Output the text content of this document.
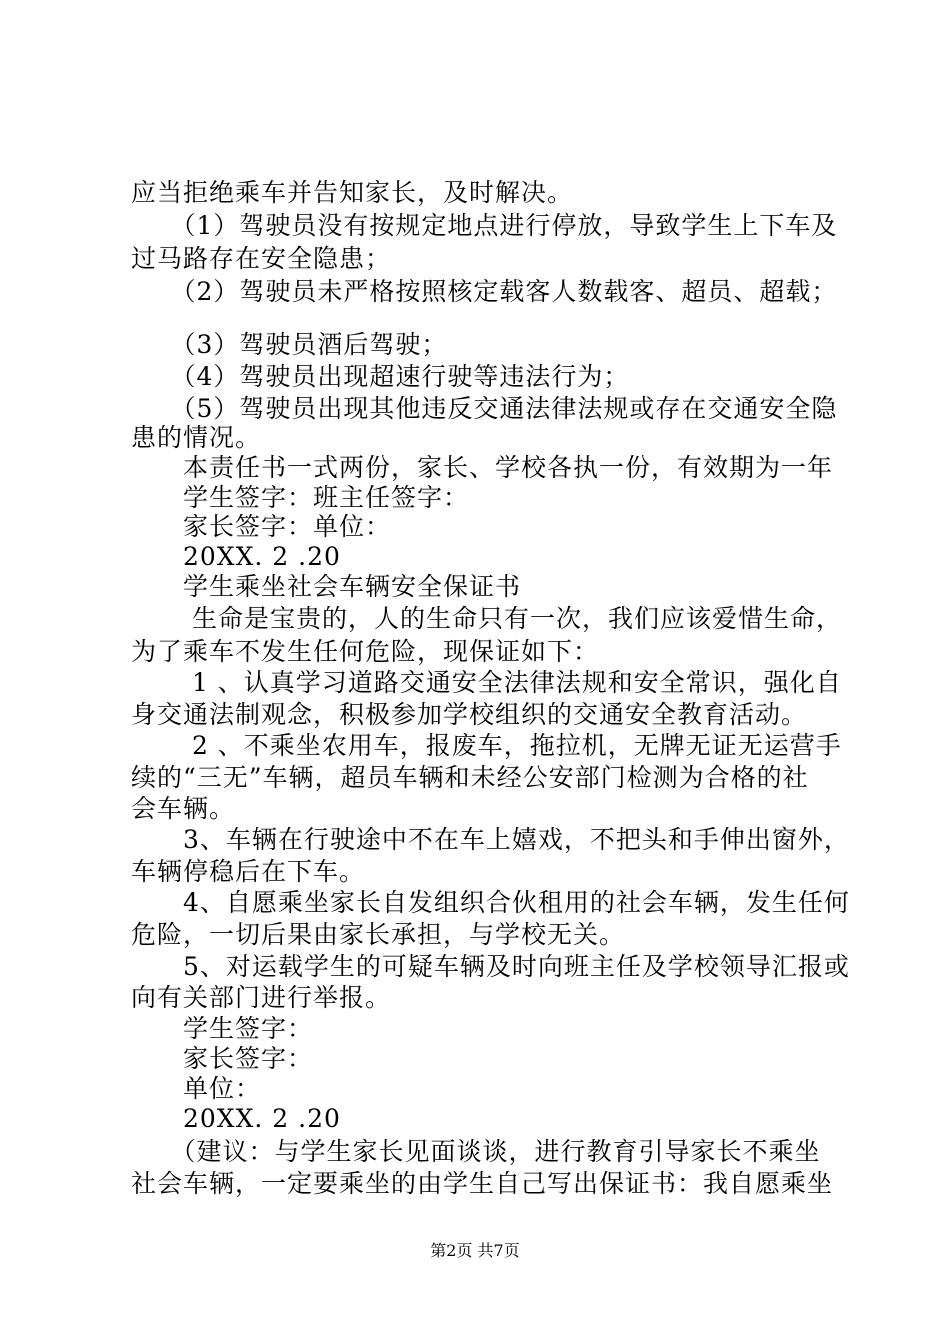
应当拒绝乘车并告知家长，及时解决。
　　（1）驾驶员没有按规定地点进行停放，导致学生上下车及
过马路存在安全隐患；
　　（2）驾驶员未严格按照核定载客人数载客、超员、超载；
　　（3）驾驶员酒后驾驶；
　　（4）驾驶员出现超速行驶等违法行为；
　　（5）驾驶员出现其他违反交通法律法规或存在交通安全隐
患的情况。
　　本责任书一式两份，家长、学校各执一份，有效期为一年
　　学生签字：班主任签字：
　　家长签字：单位：
　　20XX. 2 .20
　　学生乘坐社会车辆安全保证书
　　 生命是宝贵的，人的生命只有一次，我们应该爱惜生命，
为了乘车不发生任何危险，现保证如下：
　　 1 、认真学习道路交通安全法律法规和安全常识，强化自
身交通法制观念，积极参加学校组织的交通安全教育活动。
　　 2 、不乘坐农用车，报废车，拖拉机，无牌无证无运营手
续的“三无”车辆，超员车辆和未经公安部门检测为合格的社
会车辆。
　　3、车辆在行驶途中不在车上嬉戏，不把头和手伸出窗外，
车辆停稳后在下车。
　　4、自愿乘坐家长自发组织合伙租用的社会车辆，发生任何
危险，一切后果由家长承担，与学校无关。
　　5、对运载学生的可疑车辆及时向班主任及学校领导汇报或
向有关部门进行举报。
　　学生签字：
　　家长签字：
　　单位：
　　20XX. 2 .20
　　（建议：与学生家长见面谈谈，进行教育引导家长不乘坐
社会车辆，一定要乘坐的由学生自己写出保证书：我自愿乘坐
第2页 共7页
